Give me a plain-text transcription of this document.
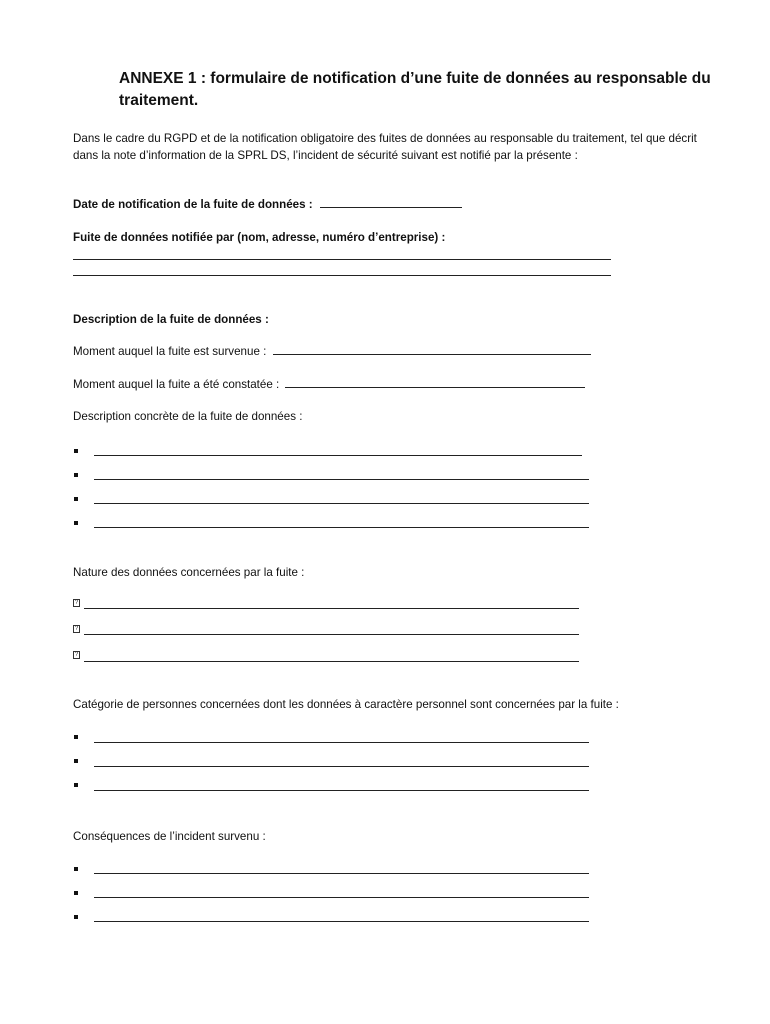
ANNEXE 1 : formulaire de notification d’une fuite de données au responsable du traitement.
Dans le cadre du RGPD et de la notification obligatoire des fuites de données au responsable du traitement, tel que décrit dans la note d’information de la SPRL DS, l’incident de sécurité suivant est notifié par la présente :
Date de notification de la fuite de données :
Fuite de données notifiée par (nom, adresse, numéro d’entreprise) :
Description de la fuite de données :
Moment auquel la fuite est survenue :
Moment auquel la fuite a été constatée :
Description concrète de la fuite de données :
Nature des données concernées par la fuite :
?
?
?
Catégorie de personnes concernées dont les données à caractère personnel sont concernées par la fuite :
Conséquences de l’incident survenu :
